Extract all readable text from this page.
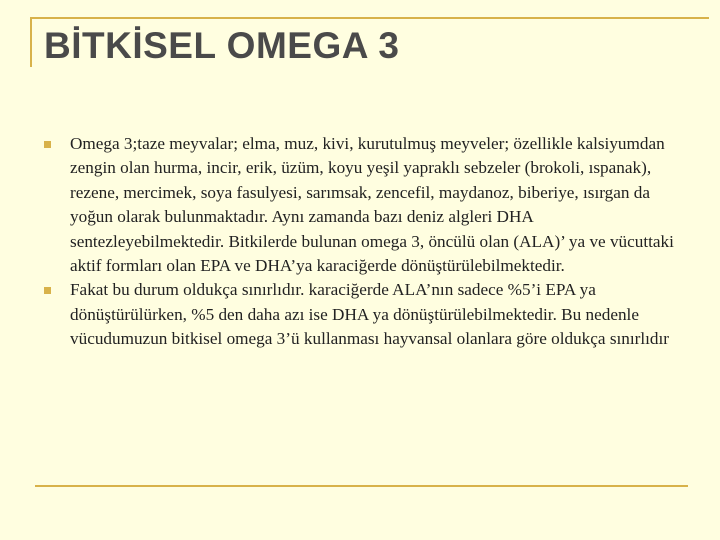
BİTKİSEL OMEGA 3
Omega 3;taze meyvalar; elma, muz, kivi, kurutulmuş meyveler; özellikle kalsiyumdan zengin olan hurma, incir, erik, üzüm, koyu yeşil yapraklı sebzeler (brokoli, ıspanak), rezene, mercimek, soya fasulyesi, sarımsak, zencefil, maydanoz, biberiye, ısırgan da yoğun olarak bulunmaktadır. Aynı zamanda bazı deniz algleri DHA sentezleyebilmektedir. Bitkilerde bulunan omega 3, öncülü olan (ALA)’ ya ve vücuttaki aktif formları olan EPA ve DHA’ya karaciğerde dönüştürülebilmektedir.
Fakat bu durum oldukça sınırlıdır. karaciğerde ALA’nın sadece %5’i EPA ya dönüştürülürken, %5 den daha azı ise DHA ya dönüştürülebilmektedir. Bu nedenle vücudumuzun bitkisel omega 3’ü kullanması hayvansal olanlara göre oldukça sınırlıdır
